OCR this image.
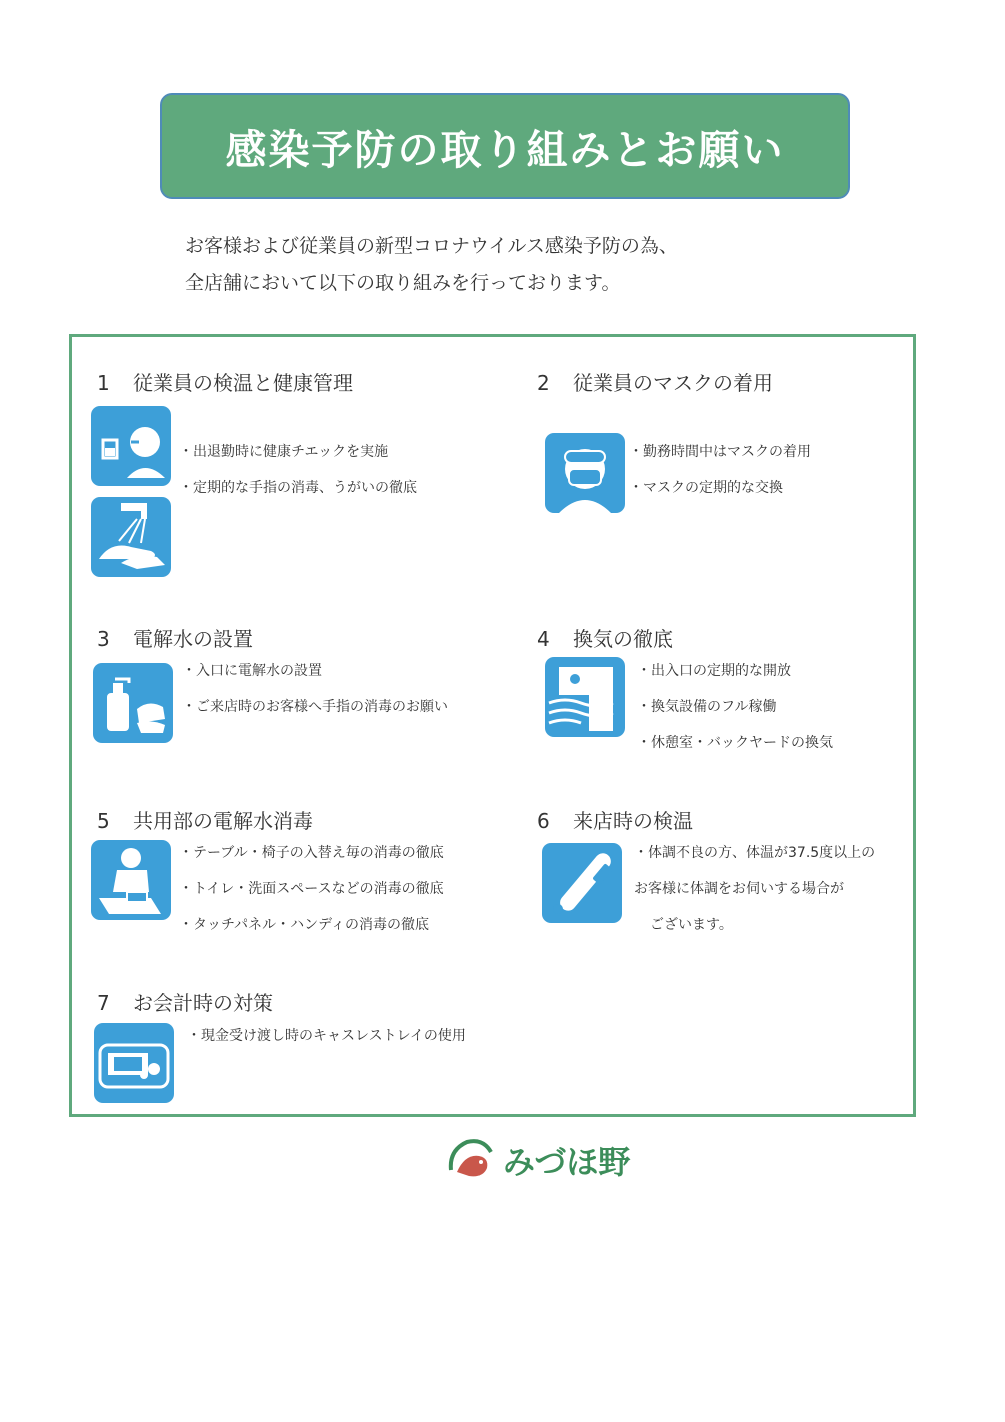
感染予防の取り組みとお願い
お客様および従業員の新型コロナウイルス感染予防の為、
全店舗において以下の取り組みを行っております。
1 従業員の検温と健康管理
・出退勤時に健康チエックを実施
・定期的な手指の消毒、うがいの徹底
2 従業員のマスクの着用
・勤務時間中はマスクの着用
・マスクの定期的な交換
3 電解水の設置
・入口に電解水の設置
・ご来店時のお客様へ手指の消毒のお願い
4 換気の徹底
・出入口の定期的な開放
・換気設備のフル稼働
・休憩室・バックヤードの換気
5 共用部の電解水消毒
・テーブル・椅子の入替え毎の消毒の徹底
・トイレ・洗面スペースなどの消毒の徹底
・タッチパネル・ハンディの消毒の徹底
6 来店時の検温
・体調不良の方、体温が37.5度以上の
お客様に体調をお伺いする場合が
ございます。
7 お会計時の対策
・現金受け渡し時のキャスレストレイの使用
みづほ野
